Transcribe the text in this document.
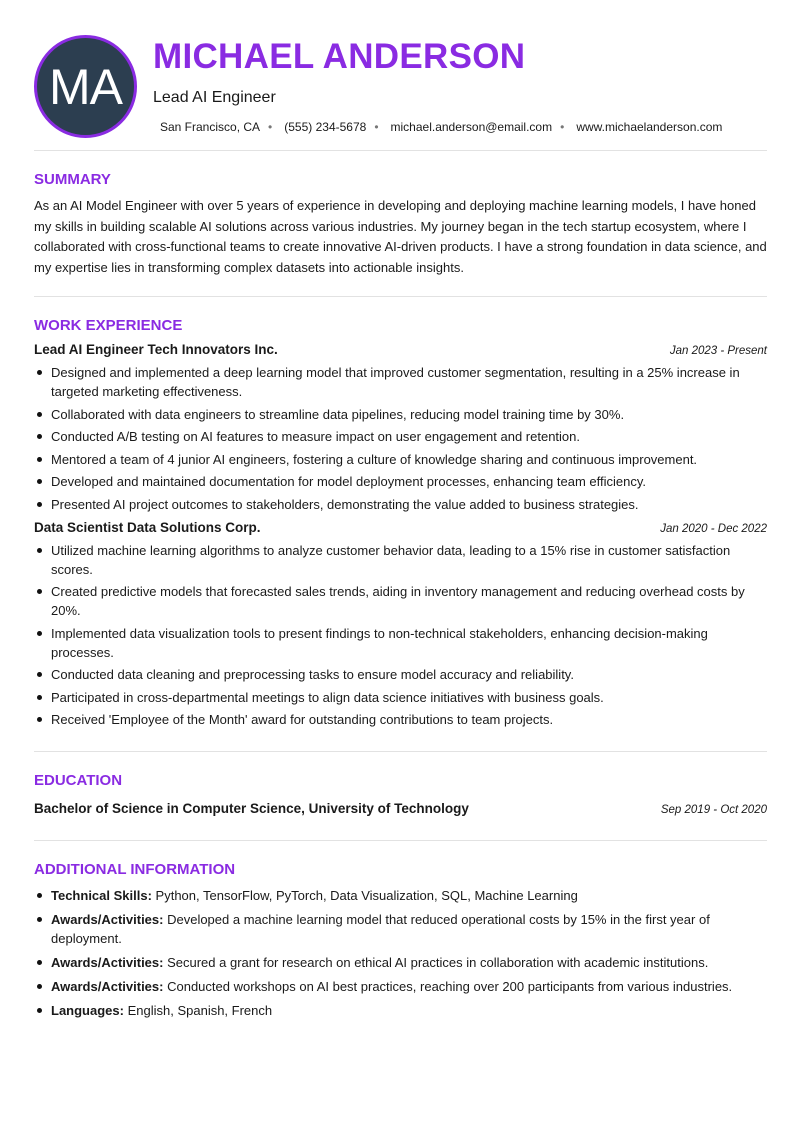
MA
MICHAEL ANDERSON
Lead AI Engineer
San Francisco, CA • (555) 234-5678 • michael.anderson@email.com • www.michaelanderson.com
SUMMARY

As an AI Model Engineer with over 5 years of experience in developing and deploying machine learning models, I have honed my skills in building scalable AI solutions across various industries. My journey began in the tech startup ecosystem, where I collaborated with cross-functional teams to create innovative AI-driven products. I have a strong foundation in data science, and my expertise lies in transforming complex datasets into actionable insights.

WORK EXPERIENCE
Lead AI Engineer Tech Innovators Inc.	Jan 2023 - Present
Designed and implemented a deep learning model that improved customer segmentation, resulting in a 25% increase in targeted marketing effectiveness.
Collaborated with data engineers to streamline data pipelines, reducing model training time by 30%.
Conducted A/B testing on AI features to measure impact on user engagement and retention.
Mentored a team of 4 junior AI engineers, fostering a culture of knowledge sharing and continuous improvement.
Developed and maintained documentation for model deployment processes, enhancing team efficiency.
Presented AI project outcomes to stakeholders, demonstrating the value added to business strategies.
Data Scientist Data Solutions Corp.	Jan 2020 - Dec 2022
Utilized machine learning algorithms to analyze customer behavior data, leading to a 15% rise in customer satisfaction scores.
Created predictive models that forecasted sales trends, aiding in inventory management and reducing overhead costs by 20%.
Implemented data visualization tools to present findings to non-technical stakeholders, enhancing decision-making processes.
Conducted data cleaning and preprocessing tasks to ensure model accuracy and reliability.
Participated in cross-departmental meetings to align data science initiatives with business goals.
Received 'Employee of the Month' award for outstanding contributions to team projects.
EDUCATION
Bachelor of Science in Computer Science, University of Technology	Sep 2019 - Oct 2020
ADDITIONAL INFORMATION
Technical Skills: Python, TensorFlow, PyTorch, Data Visualization, SQL, Machine Learning
Awards/Activities: Developed a machine learning model that reduced operational costs by 15% in the first year of deployment.
Awards/Activities: Secured a grant for research on ethical AI practices in collaboration with academic institutions.
Awards/Activities: Conducted workshops on AI best practices, reaching over 200 participants from various industries.
Languages: English, Spanish, French
